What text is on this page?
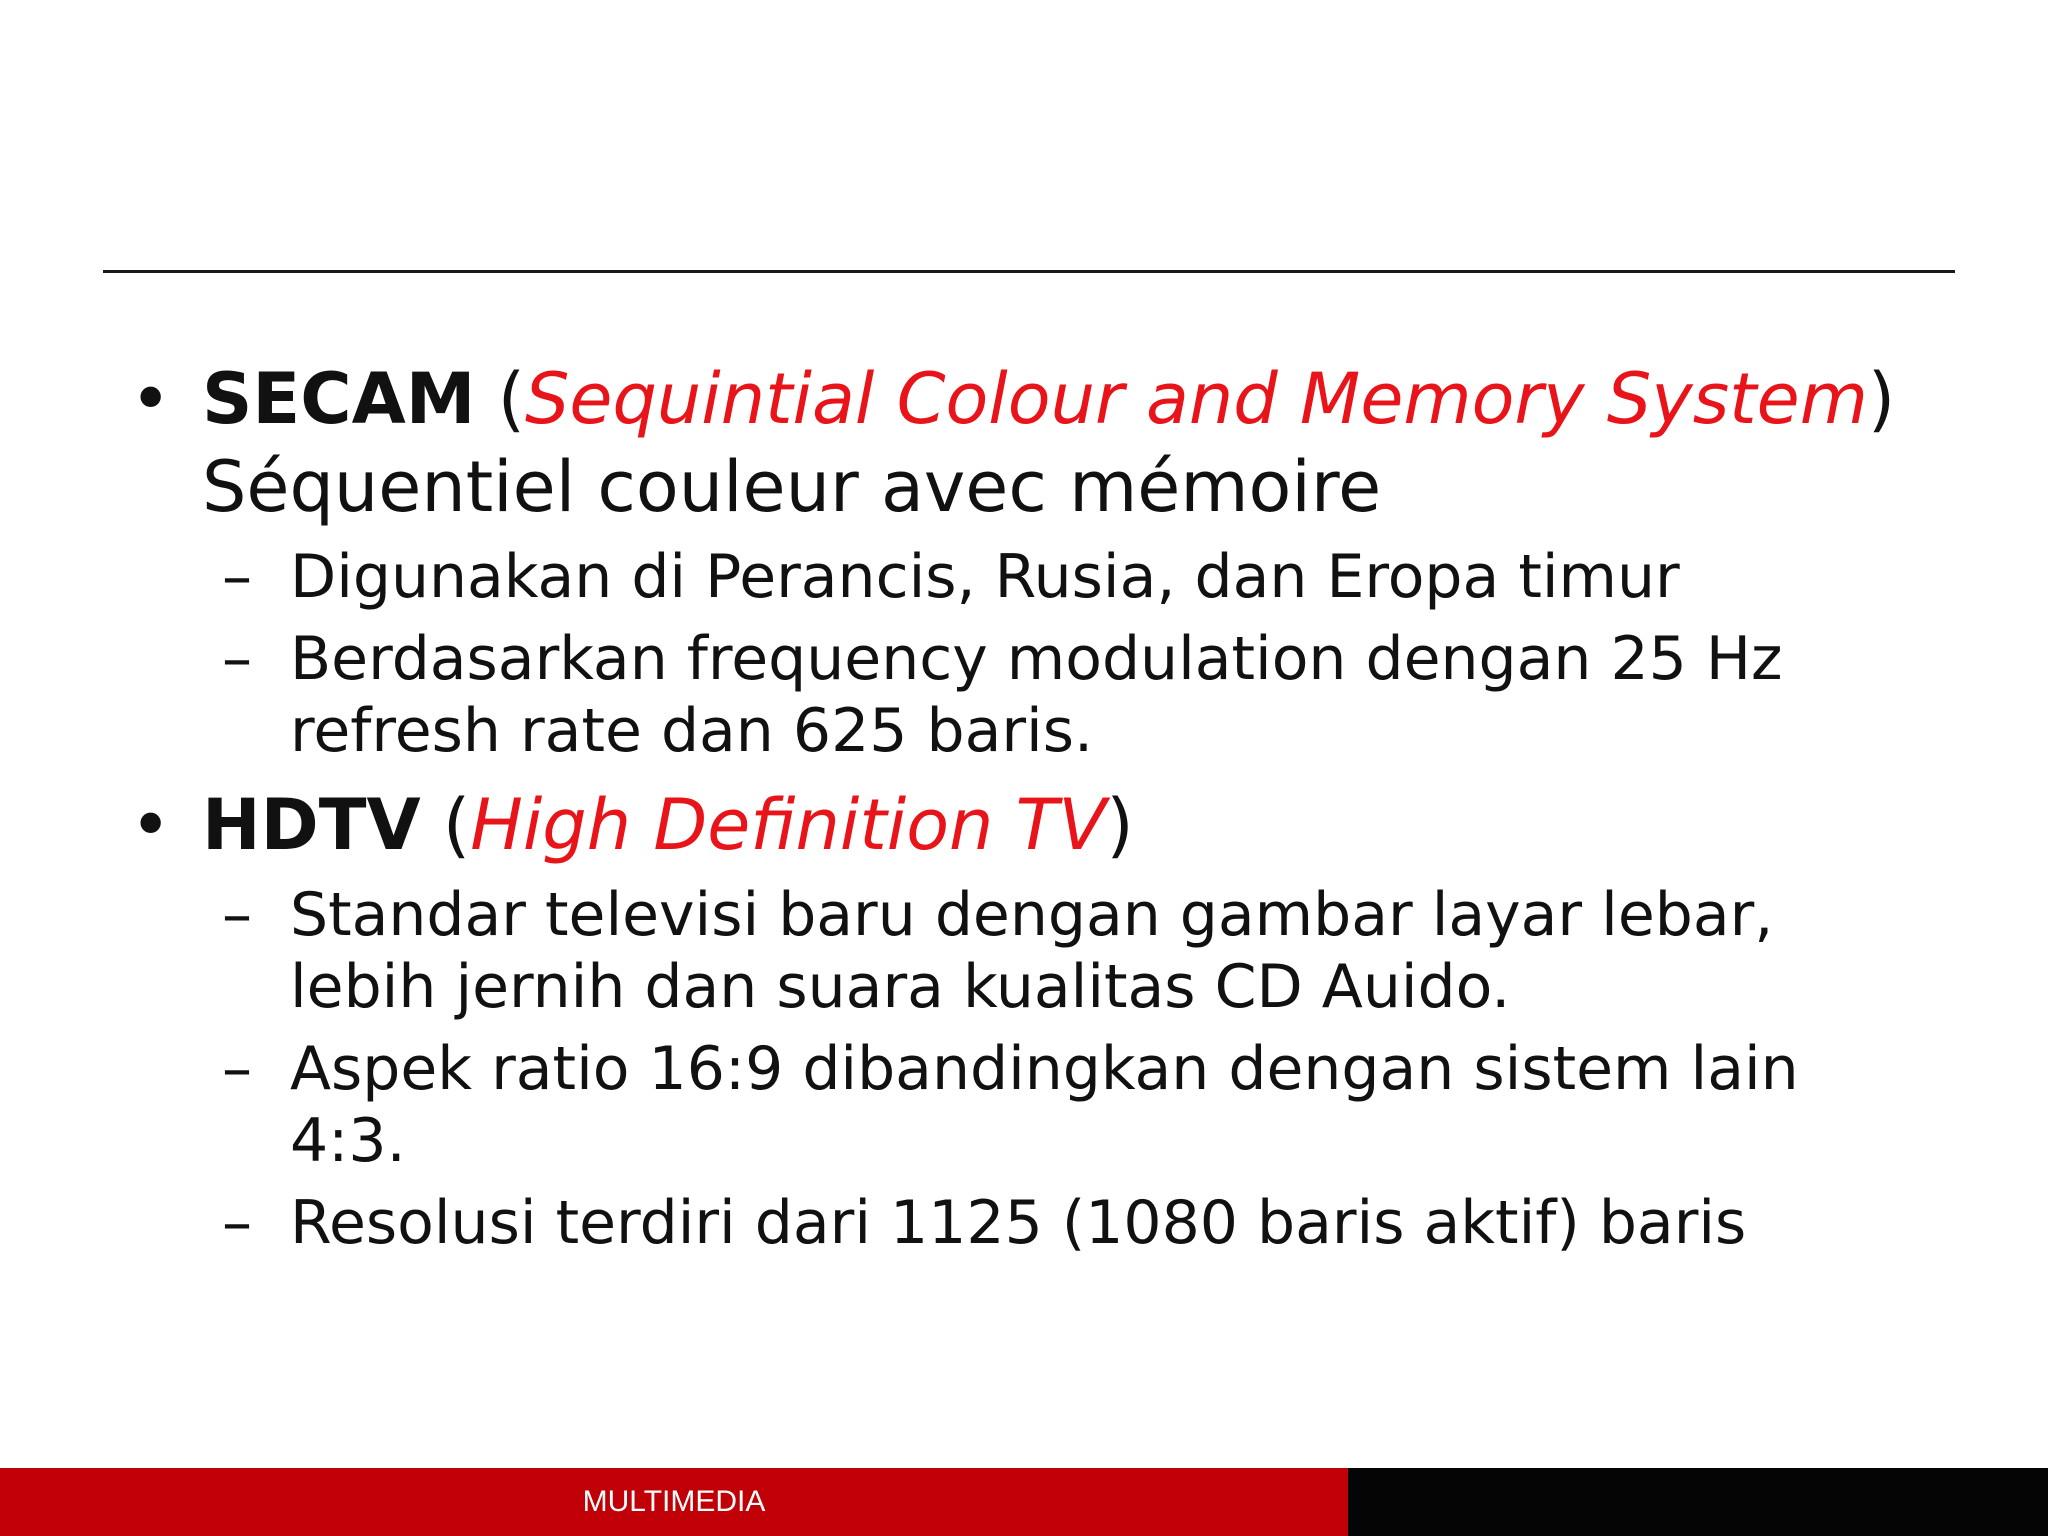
• SECAM (Sequintial Colour and Memory System)
Séquentiel couleur avec mémoire
– Digunakan di Perancis, Rusia, dan Eropa timur
– Berdasarkan frequency modulation dengan 25 Hz
refresh rate dan 625 baris.
• HDTV (High Definition TV)
– Standar televisi baru dengan gambar layar lebar,
lebih jernih dan suara kualitas CD Auido.
– Aspek ratio 16:9 dibandingkan dengan sistem lain
4:3.
– Resolusi terdiri dari 1125 (1080 baris aktif) baris
MULTIMEDIA
